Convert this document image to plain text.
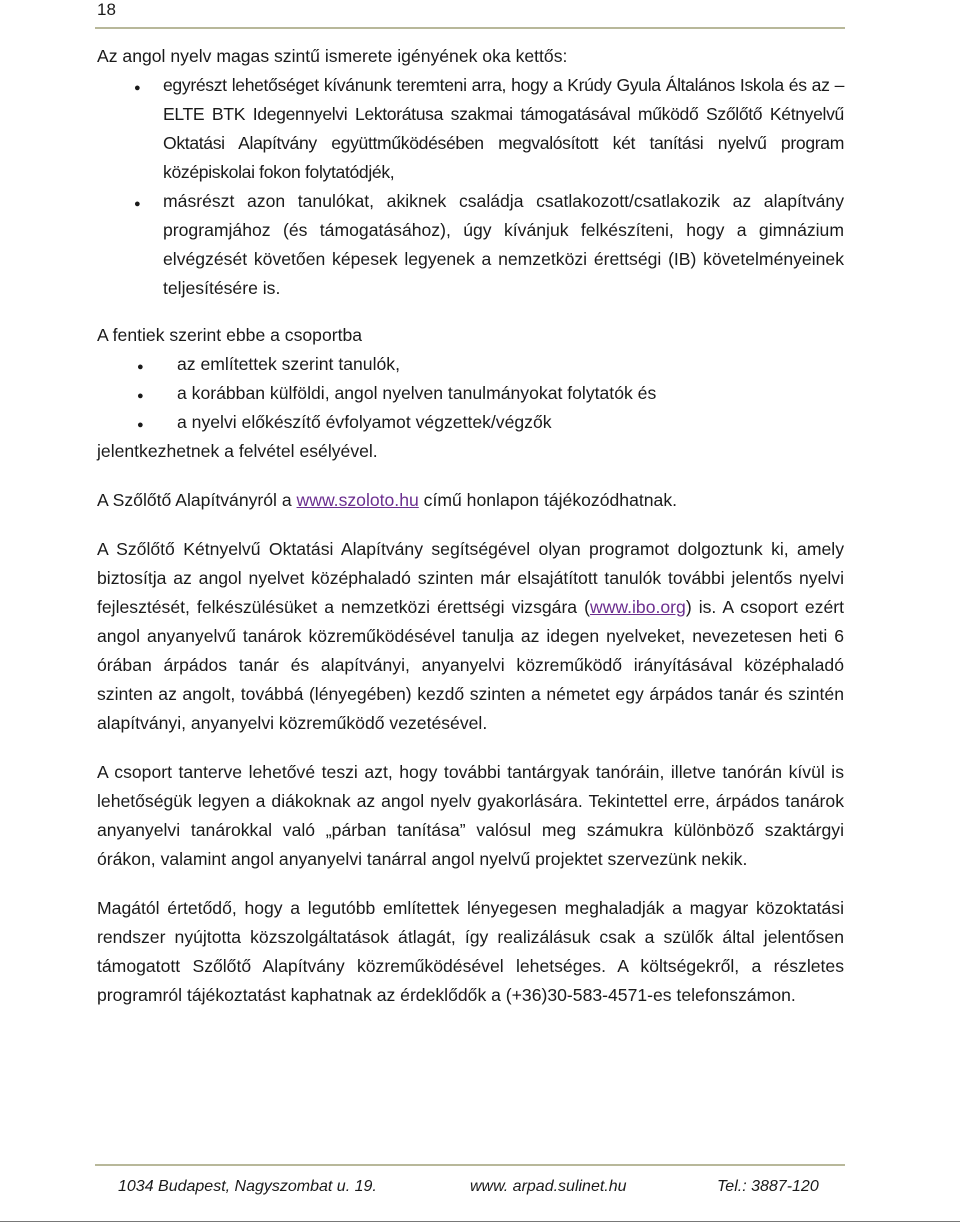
18

Az angol nyelv magas szintű ismerete igényének oka kettős:

●
egyrészt lehetőséget kívánunk teremteni arra, hogy a Krúdy Gyula Általános Iskola és az – ELTE BTK Idegennyelvi Lektorátusa szakmai támogatásával működő Szőlőtő Kétnyelvű Oktatási Alapítvány együttműködésében megvalósított két tanítási nyelvű program középiskolai fokon folytatódjék,
●
másrészt azon tanulókat, akiknek családja csatlakozott/csatlakozik az alapítvány programjához (és támogatásához), úgy kívánjuk felkészíteni, hogy a gimnázium elvégzését követően képesek legyenek a nemzetközi érettségi (IB) követelményeinek teljesítésére is.

A fentiek szerint ebbe a csoportba

●
az említettek szerint tanulók,
●
a korábban külföldi, angol nyelven tanulmányokat folytatók és
●
a nyelvi előkészítő évfolyamot végzettek/végzők

jelentkezhetnek a felvétel esélyével.

A Szőlőtő Alapítványról a www.szoloto.hu című honlapon tájékozódhatnak.

A Szőlőtő Kétnyelvű Oktatási Alapítvány segítségével olyan programot dolgoztunk ki, amely biztosítja az angol nyelvet középhaladó szinten már elsajátított tanulók további jelentős nyelvi fejlesztését, felkészülésüket a nemzetközi érettségi vizsgára (www.ibo.org) is. A csoport ezért angol anyanyelvű tanárok közreműködésével tanulja az idegen nyelveket, nevezetesen heti 6 órában árpádos tanár és alapítványi, anyanyelvi közreműködő irányításával középhaladó szinten az angolt, továbbá (lényegében) kezdő szinten a németet egy árpádos tanár és szintén alapítványi, anyanyelvi közreműködő vezetésével.

A csoport tanterve lehetővé teszi azt, hogy további tantárgyak tanóráin, illetve tanórán kívül is lehetőségük legyen a diákoknak az angol nyelv gyakorlására. Tekintettel erre, árpádos tanárok anyanyelvi tanárokkal való „párban tanítása” valósul meg számukra különböző szaktárgyi órákon, valamint angol anyanyelvi tanárral angol nyelvű projektet szervezünk nekik.

Magától értetődő, hogy a legutóbb említettek lényegesen meghaladják a magyar közoktatási rendszer nyújtotta közszolgáltatások átlagát, így realizálásuk csak a szülők által jelentősen támogatott Szőlőtő Alapítvány közreműködésével lehetséges. A költségekről, a részletes programról tájékoztatást kaphatnak az érdeklődők a (+36)30-583-4571-es telefonszámon.

1034 Budapest, Nagyszombat u. 19.	www. arpad.sulinet.hu	Tel.: 3887-120
